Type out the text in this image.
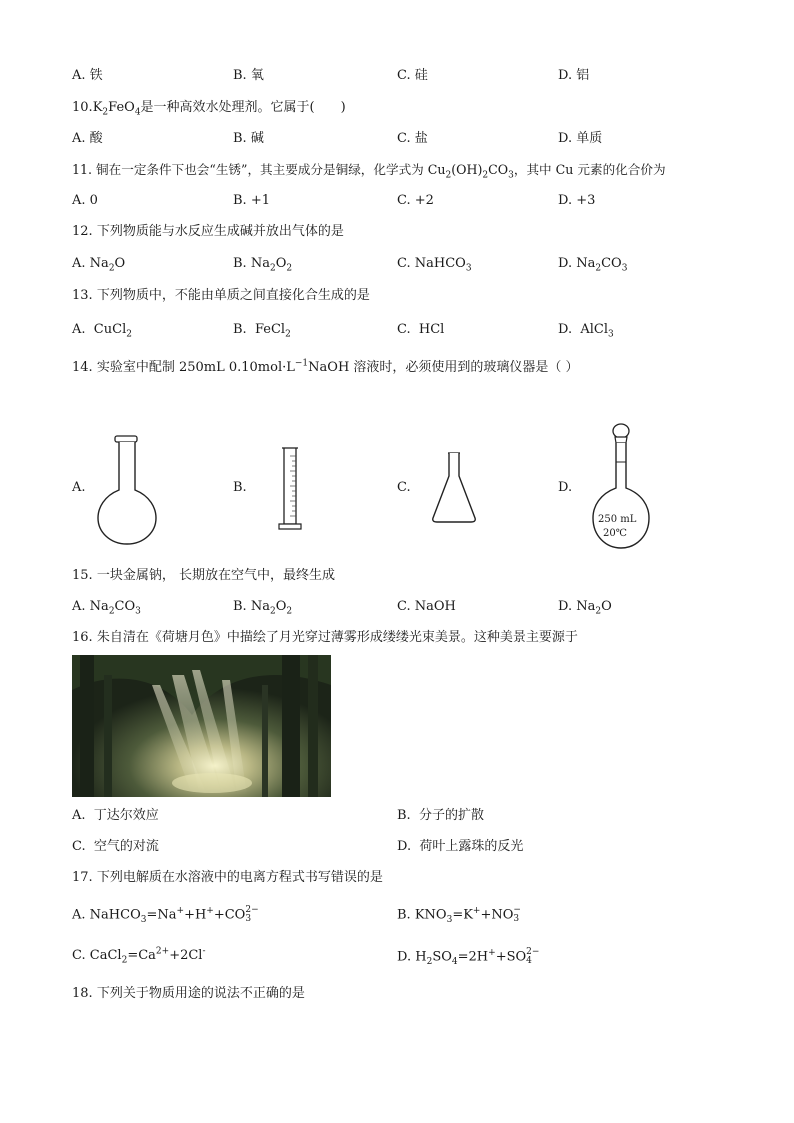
A. 铁	B. 氧	C. 硅	D. 铝
$10.K_2FeO_4$是一种高效水处理剂。它属于(　　)
A. 酸	B. 碱	C. 盐	D. 单质
11. 铜在一定条件下也会“生锈”，其主要成分是铜绿，化学式为 $Cu_2(OH)_2CO_3$，其中 Cu 元素的化合价为
A. 0	B. +1	C. +2	D. +3
12. 下列物质能与水反应生成碱并放出气体的是
A. $Na_2O$	B. $Na_2O_2$	C. NaHCO$_3$	D. $Na_2CO_3$
13. 下列物质中，不能由单质之间直接化合生成的是
A. CuCl$_2$	B. FeCl$_2$	C. HCl	D. AlCl$_3$
14. 实验室中配制 250mL $0.10mol\cdot L^{-1}NaOH$ 溶液时，必须使用到的玻璃仪器是（ ）
A.	B.	C.	D.
250 mL
20℃
15. 一块金属钠， 长期放在空气中，最终生成
A. $Na_2CO_3$	B. $Na_2O_2$	C. NaOH	D. $Na_2O$
16. 朱自清在《荷塘月色》中描绘了月光穿过薄雾形成缕缕光束美景。这种美景主要源于
A. 丁达尔效应	B. 分子的扩散
C. 空气的对流	D. 荷叶上露珠的反光
17. 下列电解质在水溶液中的电离方程式书写错误的是
A. NaHCO$_3$=Na++H++CO 2−
3	B. $KNO_3=K^++NO$ −
3
C. $CaCl_2=Ca^{2+}+2Cl^-$	D. $H_2SO_4=2H^++SO$ 2−
4
18. 下列关于物质用途的说法不正确的是
